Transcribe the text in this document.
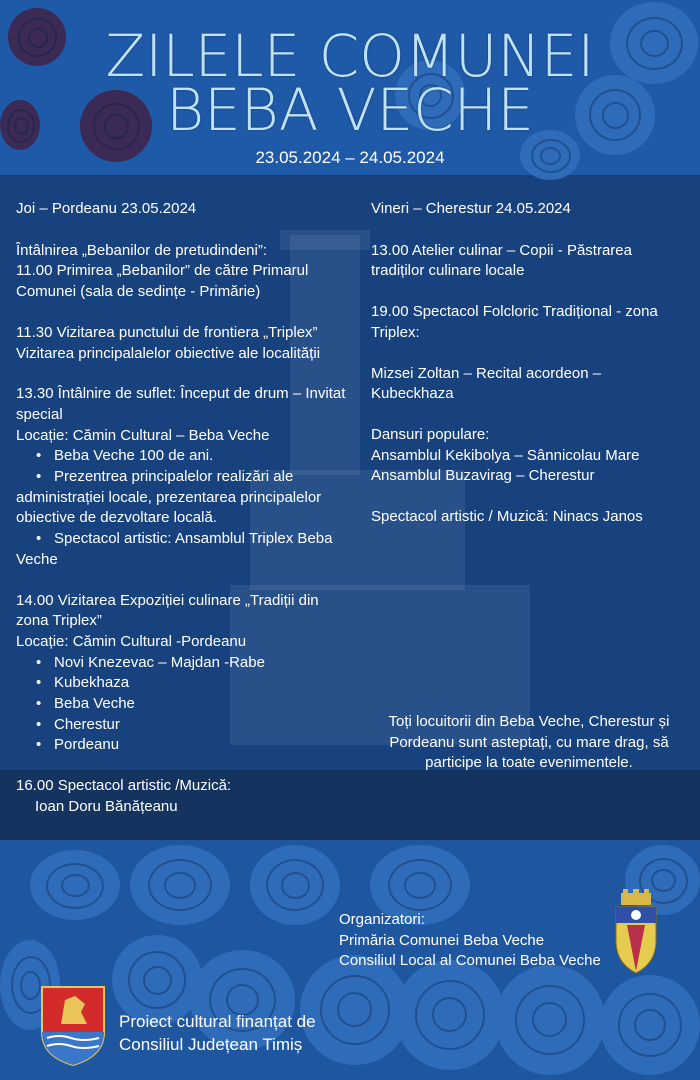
ZILELE COMUNEI
BEBA VECHE
23.05.2024 – 24.05.2024

Joi – Pordeanu 23.05.2024

Întâlnirea „Bebanilor de pretudindeni”:

11.00 Primirea „Bebanilor” de către Primarul Comunei (sala de sedințe - Primărie)

11.30 Vizitarea punctului de frontiera „Triplex”

Vizitarea principalalelor obiective ale localității

13.30 Întâlnire de suflet: Început de drum – Invitat special

Locație: Cămin Cultural – Beba Veche

• Beba Veche 100 de ani.
• Prezentrea principalelor realizări ale administrației locale, prezentarea principalelor obiective de dezvoltare locală.
• Spectacol artistic: Ansamblul Triplex Beba Veche

14.00 Vizitarea Expoziției culinare „Tradiții din zona Triplex”

Locație: Cămin Cultural -Pordeanu

• Novi Knezevac – Majdan -Rabe
• Kubekhaza
• Beba Veche
• Cherestur
• Pordeanu

16.00 Spectacol artistic /Muzică:

Ioan Doru Bănățeanu

Vineri – Cherestur 24.05.2024

13.00 Atelier culinar – Copii - Păstrarea tradiților culinare locale

19.00 Spectacol Folcloric Tradițional - zona Triplex:

Mizsei Zoltan – Recital acordeon – Kubeckhaza

Dansuri populare:

Ansamblul Kekibolya – Sânnicolau Mare

Ansamblul Buzavirag – Cherestur

Spectacol artistic / Muzică: Ninacs Janos

Toți locuitorii din Beba Veche, Cherestur și Pordeanu sunt asteptați, cu mare drag, să participe la toate evenimentele.
Organizatori:
Primăria Comunei Beba Veche
Consiliul Local al Comunei Beba Veche
Proiect cultural finanțat de
Consiliul Județean Timiș
